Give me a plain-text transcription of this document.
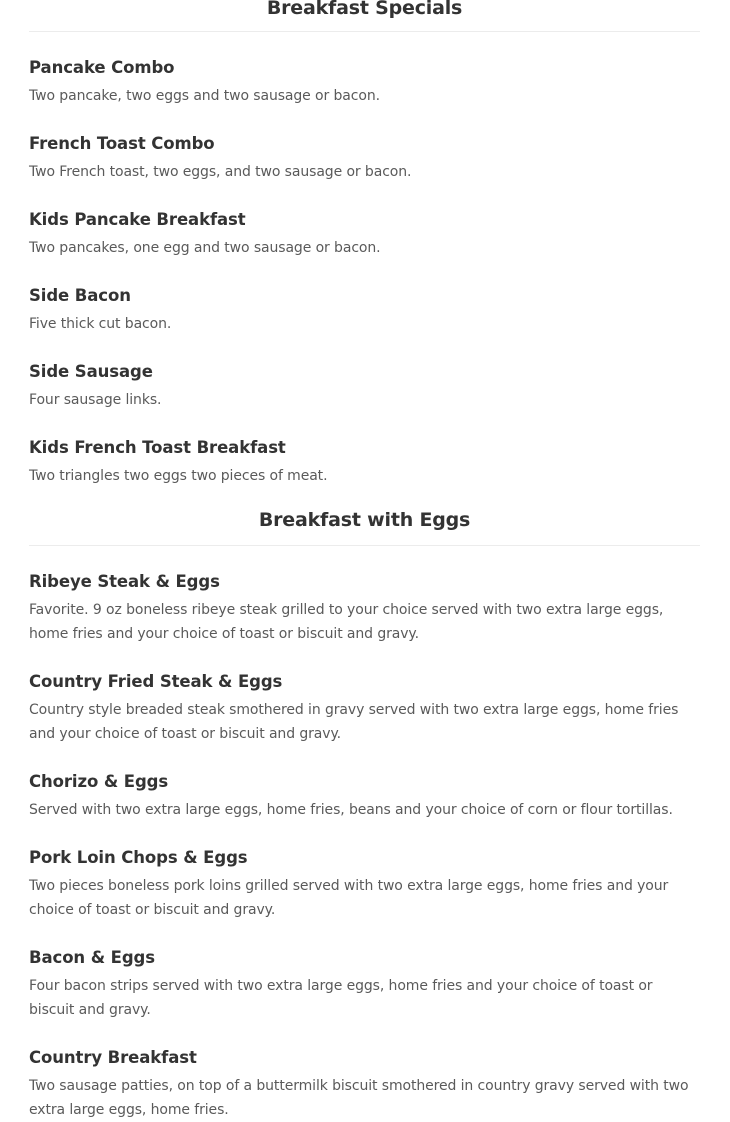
Breakfast Specials
Pancake Combo
Two pancake, two eggs and two sausage or bacon.
French Toast Combo
Two French toast, two eggs, and two sausage or bacon.
Kids Pancake Breakfast
Two pancakes, one egg and two sausage or bacon.
Side Bacon
Five thick cut bacon.
Side Sausage
Four sausage links.
Kids French Toast Breakfast
Two triangles two eggs two pieces of meat.
Breakfast with Eggs
Ribeye Steak & Eggs
Favorite. 9 oz boneless ribeye steak grilled to your choice served with two extra large eggs, home fries and your choice of toast or biscuit and gravy.
Country Fried Steak & Eggs
Country style breaded steak smothered in gravy served with two extra large eggs, home fries and your choice of toast or biscuit and gravy.
Chorizo & Eggs
Served with two extra large eggs, home fries, beans and your choice of corn or flour tortillas.
Pork Loin Chops & Eggs
Two pieces boneless pork loins grilled served with two extra large eggs, home fries and your choice of toast or biscuit and gravy.
Bacon & Eggs
Four bacon strips served with two extra large eggs, home fries and your choice of toast or biscuit and gravy.
Country Breakfast
Two sausage patties, on top of a buttermilk biscuit smothered in country gravy served with two extra large eggs, home fries.
